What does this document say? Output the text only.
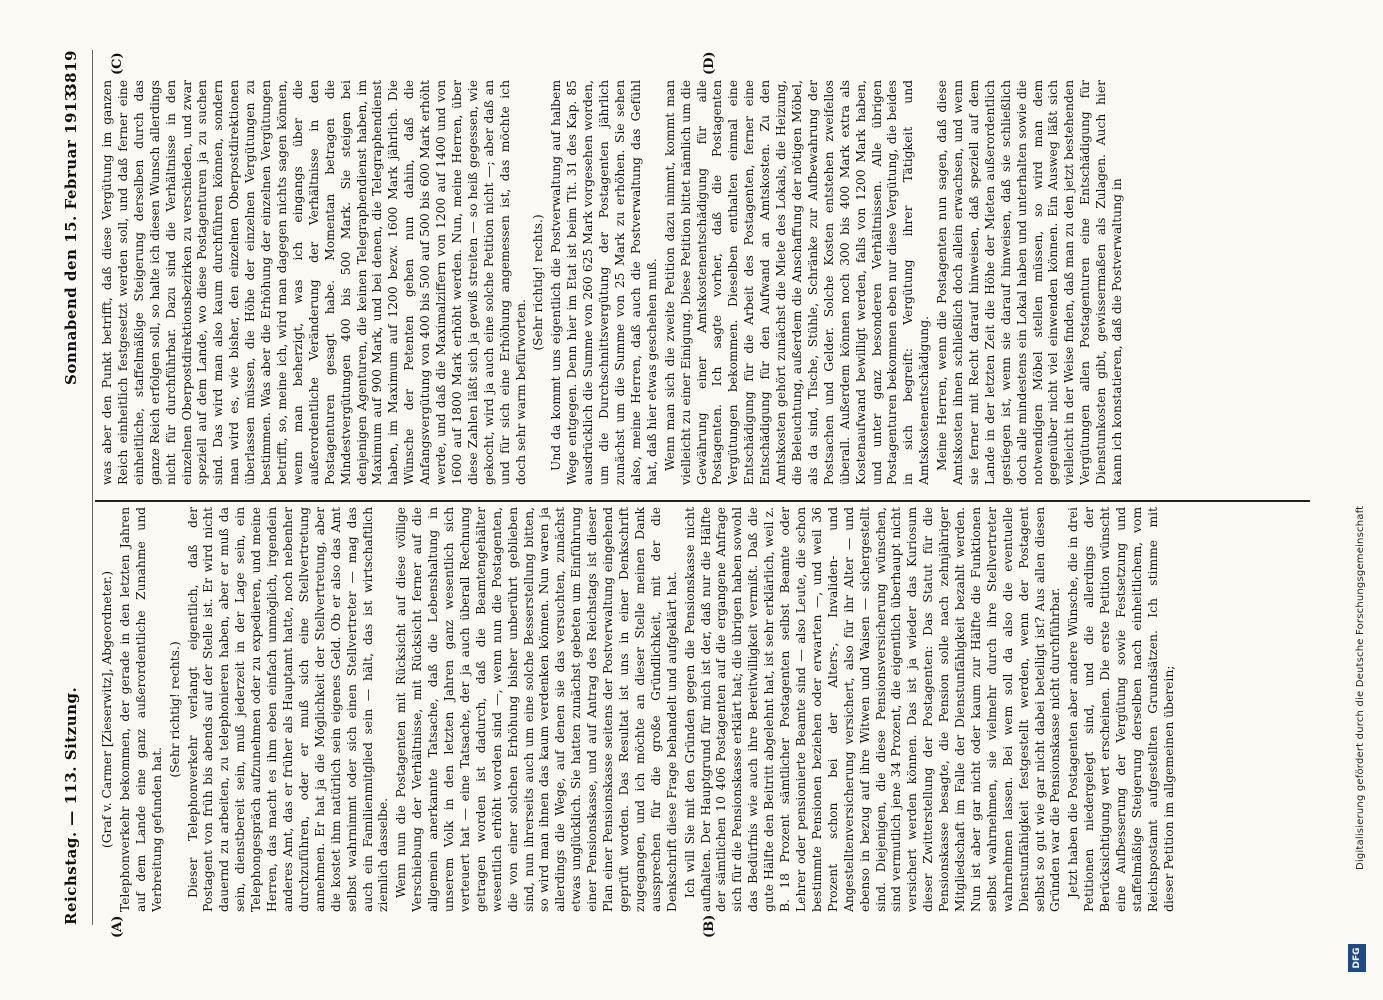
Reichstag. — 113. Sitzung.
Sonnabend den 15. Februar 1913.
3819
(A)	(B)
(C)	(D)

(Graf v. Carmer [Zieserwitz], Abgeordneter.) Telephonverkehr bekommen, der gerade in den letzten Jahren auf dem Lande eine ganz außerordentliche Zunahme und Verbreitung gefunden hat.

(Sehr richtig! rechts.) Dieser Telephonverkehr verlangt eigentlich, daß der Postagent von früh bis abends auf der Stelle ist. Er wird nicht dauernd zu arbeiten, zu telephonieren haben, aber er muß da sein, dienstbereit sein, muß jederzeit in der Lage sein, ein Telephongespräch aufzunehmen oder zu expedieren, und meine Herren, das macht es ihm eben einfach unmöglich, irgendein anderes Amt, das er früher als Hauptamt hatte, noch nebenher durchzuführen, oder er muß sich eine Stellvertretung annehmen. Er hat ja die Möglichkeit der Stellvertretung, aber die kostet ihm natürlich sein eigenes Geld. Ob er also das Amt selbst wahrnimmt oder sich einen Stellvertreter — mag das auch ein Familienmitglied sein — hält, das ist wirtschaftlich ziemlich dasselbe. Wenn nun die Postagenten mit Rücksicht auf diese völlige Verschiebung der Verhältnisse, mit Rücksicht ferner auf die allgemein anerkannte Tatsache, daß die Lebenshaltung in unserem Volk in den letzten Jahren ganz wesentlich sich verteuert hat — eine Tatsache, der ja auch überall Rechnung getragen worden ist dadurch, daß die Beamtengehälter wesentlich erhöht worden sind —, wenn nun die Postagenten, die von einer solchen Erhöhung bisher unberührt geblieben sind, nun ihrerseits auch um eine solche Besserstellung bitten, so wird man ihnen das kaum verdenken können. Nun waren ja allerdings die Wege, auf denen sie das versuchten, zunächst etwas unglücklich. Sie hatten zunächst gebeten um Einführung einer Pensionskasse, und auf Antrag des Reichstags ist dieser Plan einer Pensionskasse seitens der Postverwaltung eingehend geprüft worden. Das Resultat ist uns in einer Denkschrift zugegangen, und ich möchte an dieser Stelle meinen Dank aussprechen für die große Gründlichkeit, mit der die Denkschrift diese Frage behandelt und aufgeklärt hat. Ich will Sie mit den Gründen gegen die Pensionskasse nicht aufhalten. Der Hauptgrund für mich ist der, daß nur die Hälfte der sämtlichen 10 406 Postagenten auf die ergangene Anfrage sich für die Pensionskasse erklärt hat; die übrigen haben sowohl das Bedürfnis wie auch ihre Bereitwilligkeit vermißt. Daß die gute Hälfte den Beitritt abgelehnt hat, ist sehr erklärlich, weil z. B. 18 Prozent sämtlicher Postagenten selbst Beamte oder Lehrer oder pensionierte Beamte sind — also Leute, die schon bestimmte Pensionen beziehen oder erwarten —, und weil 36 Prozent schon bei der Alters-, Invaliden- und Angestelltenversicherung versichert, also für ihr Alter — und ebenso in bezug auf ihre Witwen und Waisen — sichergestellt sind. Diejenigen, die diese Pensionsversicherung wünschen, sind vermutlich jene 34 Prozent, die eigentlich überhaupt nicht versichert werden können. Das ist ja wieder das Kuriosum dieser Zwitterstellung der Postagenten: Das Statut für die Pensionskasse besagte, die Pension solle nach zehnjähriger Mitgliedschaft im Falle der Dienstunfähigkeit bezahlt werden. Nun ist aber gar nicht oder kaum zur Hälfte die Funktionen selbst wahrnehmen, sie vielmehr durch ihre Stellvertreter wahrnehmen lassen. Bei wem soll da also die eventuelle Dienstunfähigkeit festgestellt werden, wenn der Postagent selbst so gut wie gar nicht dabei beteiligt ist? Aus allen diesen Gründen war die Pensionskasse nicht durchführbar. Jetzt haben die Postagenten aber andere Wünsche, die in drei Petitionen niedergelegt sind, und die allerdings der Berücksichtigung wert erscheinen. Die erste Petition wünscht eine Aufbesserung der Vergütung sowie Festsetzung und staffelmäßige Steigerung derselben nach einheitlichem, vom Reichspostamt aufgestellten Grundsätzen. Ich stimme mit dieser Petition im allgemeinen überein;

was aber den Punkt betrifft, daß diese Vergütung im ganzen Reich einheitlich festgesetzt werden soll, und daß ferner eine einheitliche, staffelmäßige Steigerung derselben durch das ganze Reich erfolgen soll, so halte ich diesen Wunsch allerdings nicht für durchführbar. Dazu sind die Verhältnisse in den einzelnen Oberpostdirektionsbezirken zu verschieden, und zwar speziell auf dem Lande, wo diese Postagenturen ja zu suchen sind. Das wird man also kaum durchführen können, sondern man wird es, wie bisher, den einzelnen Oberpostdirektionen überlassen müssen, die Höhe der einzelnen Vergütungen zu bestimmen. Was aber die Erhöhung der einzelnen Vergütungen betrifft, so, meine ich, wird man dagegen nichts sagen können, wenn man beherzigt, was ich eingangs über die außerordentliche Veränderung der Verhältnisse in den Postagenturen gesagt habe. Momentan betragen die Mindestvergütungen 400 bis 500 Mark. Sie steigen bei denjenigen Agenturen, die keinen Telegraphendienst haben, im Maximum auf 900 Mark, und bei denen, die Telegraphendienst haben, im Maximum auf 1200 bezw. 1600 Mark jährlich. Die Wünsche der Petenten gehen nun dahin, daß die Anfangsvergütung von 400 bis 500 auf 500 bis 600 Mark erhöht werde, und daß die Maximalziffern von 1200 auf 1400 und von 1600 auf 1800 Mark erhöht werden. Nun, meine Herren, über diese Zahlen läßt sich ja gewiß streiten — so heiß gegessen, wie gekocht, wird ja auch eine solche Petition nicht —; aber daß an und für sich eine Erhöhung angemessen ist, das möchte ich doch sehr warm befürworten.

(Sehr richtig! rechts.) Und da kommt uns eigentlich die Postverwaltung auf halbem Wege entgegen. Denn hier im Etat ist beim Tit. 31 des Kap. 85 ausdrücklich die Summe von 260 625 Mark vorgesehen worden, um die Durchschnittsvergütung der Postagenten jährlich zunächst um die Summe von 25 Mark zu erhöhen. Sie sehen also, meine Herren, daß auch die Postverwaltung das Gefühl hat, daß hier etwas geschehen muß. Wenn man sich die zweite Petition dazu nimmt, kommt man vielleicht zu einer Einigung. Diese Petition bittet nämlich um die Gewährung einer Amtskostenentschädigung für alle Postagenten. Ich sagte vorher, daß die Postagenten Vergütungen bekommen. Dieselben enthalten einmal eine Entschädigung für die Arbeit des Postagenten, ferner eine Entschädigung für den Aufwand an Amtskosten. Zu den Amtskosten gehört zunächst die Miete des Lokals, die Heizung, die Beleuchtung, außerdem die Anschaffung der nötigen Möbel, als da sind, Tische, Stühle, Schränke zur Aufbewahrung der Postsachen und Gelder. Solche Kosten entstehen zweifellos überall. Außerdem können noch 300 bis 400 Mark extra als Kostenaufwand bewilligt werden, falls von 1200 Mark haben, und unter ganz besonderen Verhältnissen. Alle übrigen Postagenturen bekommen eben nur diese Vergütung, die beides in sich begreift: Vergütung ihrer Tätigkeit und Amtskostenentschädigung. Meine Herren, wenn die Postagenten nun sagen, daß diese Amtskosten ihnen schließlich doch allein erwachsen, und wenn sie ferner mit Recht darauf hinweisen, daß speziell auf dem Lande in der letzten Zeit die Höhe der Mieten außerordentlich gestiegen ist, wenn sie darauf hinweisen, daß sie schließlich doch alle mindestens ein Lokal haben und unterhalten sowie die notwendigen Möbel stellen müssen, so wird man dem gegenüber nicht viel einwenden können. Ein Ausweg läßt sich vielleicht in der Weise finden, daß man zu den jetzt bestehenden Vergütungen allen Postagenturen eine Entschädigung für Dienstunkosten gibt, gewissermaßen als Zulagen. Auch hier kann ich konstatieren, daß die Postverwaltung in

Digitalisierung gefördert durch die Deutsche Forschungsgemeinschaft
DFG
